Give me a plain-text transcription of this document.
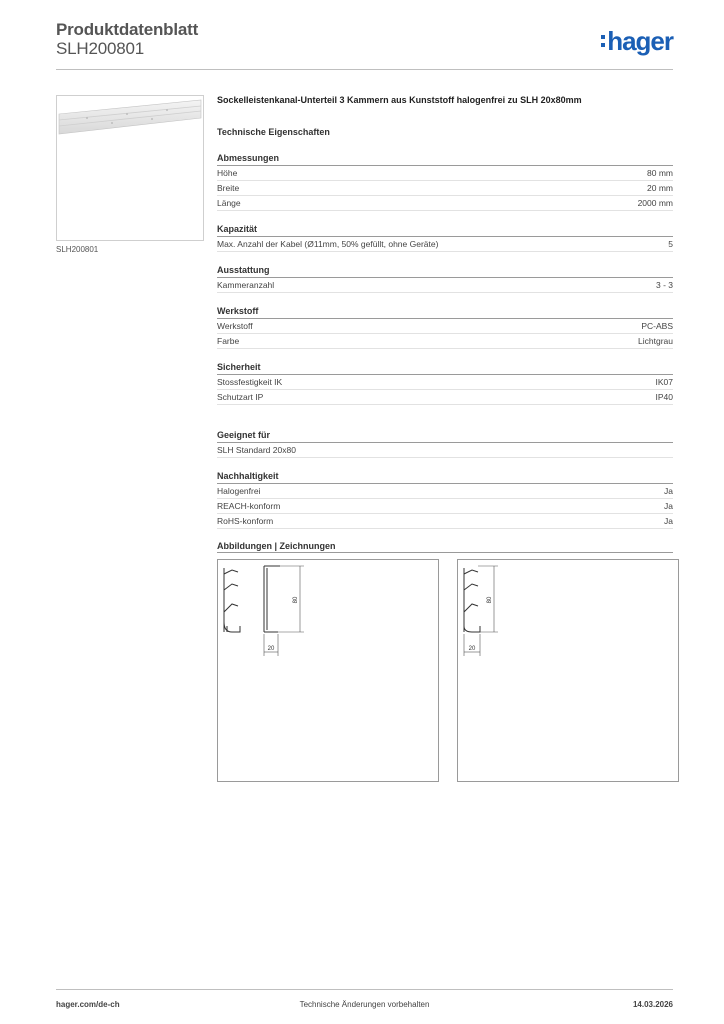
Produktdatenblatt
SLH200801	hager
SLH200801
Sockelleistenkanal-Unterteil 3 Kammern aus Kunststoff halogenfrei zu SLH 20x80mm
Technische Eigenschaften
Abmessungen
Höhe	80 mm
Breite	20 mm
Länge	2000 mm
Kapazität
Max. Anzahl der Kabel (Ø11mm, 50% gefüllt, ohne Geräte)	5
Ausstattung
Kammeranzahl	3 - 3
Werkstoff
Werkstoff	PC-ABS
Farbe	Lichtgrau
Sicherheit
Stossfestigkeit IK	IK07
Schutzart IP	IP40
Geeignet für
SLH Standard 20x80
Nachhaltigkeit
Halogenfrei	Ja
REACH-konform	Ja
RoHS-konform	Ja
Abbildungen | Zeichnungen
80
20
80
20
hager.com/de-ch	Technische Änderungen vorbehalten	14.03.2026
